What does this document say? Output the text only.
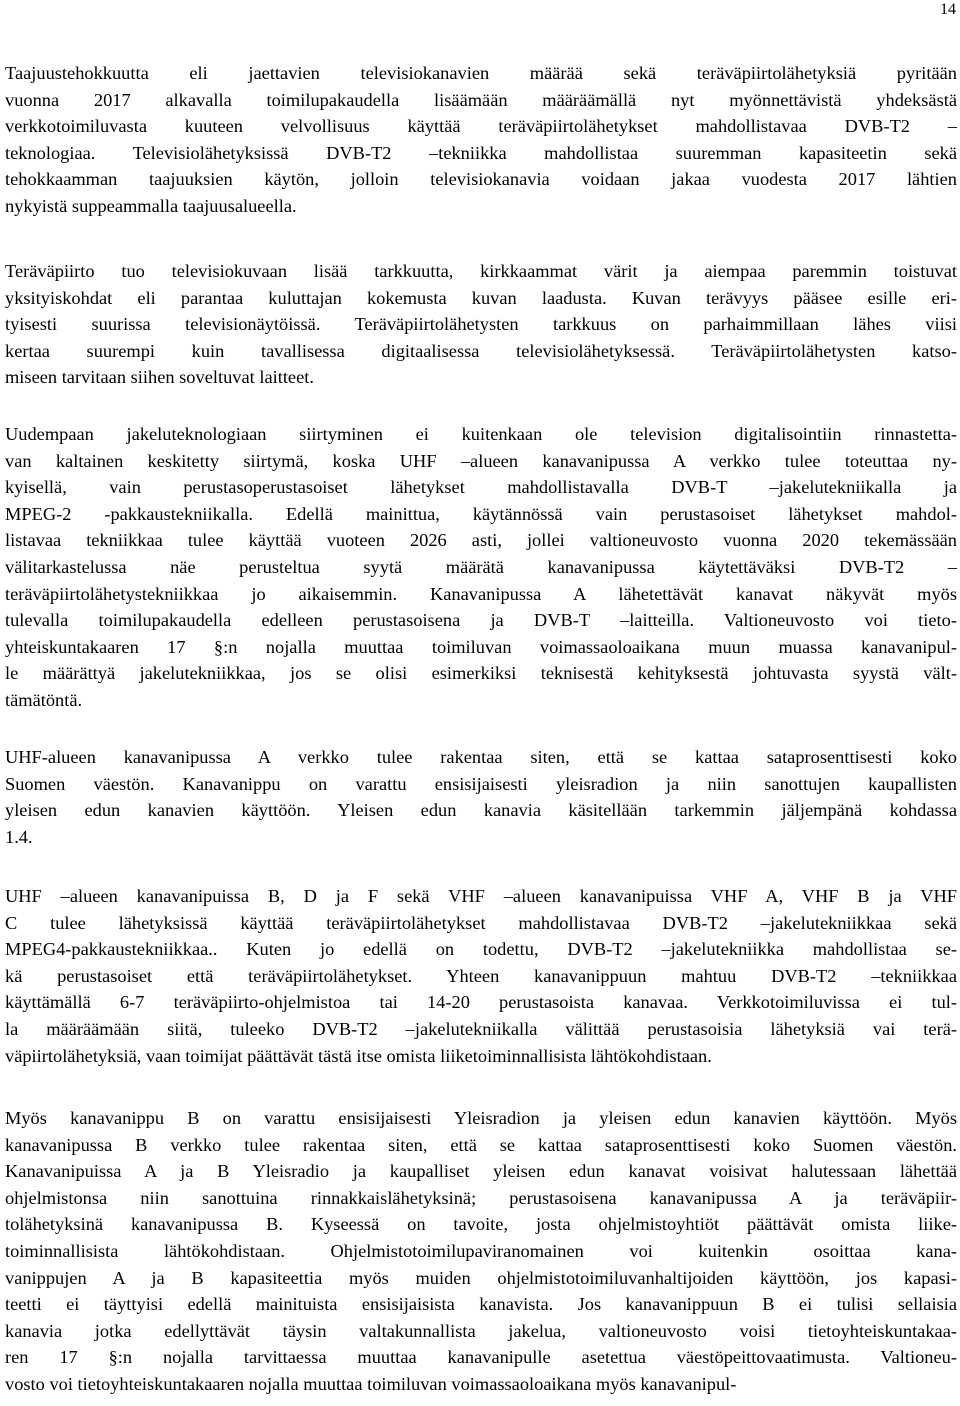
14
Taajuustehokkuutta eli jaettavien televisiokanavien määrää sekä teräväpiirtolähetyksiä pyritään
vuonna 2017 alkavalla toimilupakaudella lisäämään määräämällä nyt myönnettävistä yhdeksästä
verkkotoimiluvasta kuuteen velvollisuus käyttää teräväpiirtolähetykset mahdollistavaa DVB-T2 –
teknologiaa. Televisiolähetyksissä DVB-T2 –tekniikka mahdollistaa suuremman kapasiteetin sekä
tehokkaamman taajuuksien käytön, jolloin televisiokanavia voidaan jakaa vuodesta 2017 lähtien
nykyistä suppeammalla taajuusalueella.
Teräväpiirto tuo televisiokuvaan lisää tarkkuutta, kirkkaammat värit ja aiempaa paremmin toistuvat
yksityiskohdat eli parantaa kuluttajan kokemusta kuvan laadusta. Kuvan terävyys pääsee esille eri-
tyisesti suurissa televisionäytöissä. Teräväpiirtolähetysten tarkkuus on parhaimmillaan lähes viisi
kertaa suurempi kuin tavallisessa digitaalisessa televisiolähetyksessä. Teräväpiirtolähetysten katso-
miseen tarvitaan siihen soveltuvat laitteet.
Uudempaan jakeluteknologiaan siirtyminen ei kuitenkaan ole television digitalisointiin rinnastetta-
van kaltainen keskitetty siirtymä, koska UHF –alueen kanavanipussa A verkko tulee toteuttaa ny-
kyisellä, vain perustasoperustasoiset lähetykset mahdollistavalla DVB-T –jakelutekniikalla ja
MPEG-2 -pakkaustekniikalla. Edellä mainittua, käytännössä vain perustasoiset lähetykset mahdol-
listavaa tekniikkaa tulee käyttää vuoteen 2026 asti, jollei valtioneuvosto vuonna 2020 tekemässään
välitarkastelussa näe perusteltua syytä määrätä kanavanipussa käytettäväksi DVB-T2 –
teräväpiirtolähetystekniikkaa jo aikaisemmin. Kanavanipussa A lähetettävät kanavat näkyvät myös
tulevalla toimilupakaudella edelleen perustasoisena ja DVB-T –laitteilla. Valtioneuvosto voi tieto-
yhteiskuntakaaren 17 §:n nojalla muuttaa toimiluvan voimassaoloaikana muun muassa kanavanipul-
le määrättyä jakelutekniikkaa, jos se olisi esimerkiksi teknisestä kehityksestä johtuvasta syystä vält-
tämätöntä.
UHF-alueen kanavanipussa A verkko tulee rakentaa siten, että se kattaa sataprosenttisesti koko
Suomen väestön. Kanavanippu on varattu ensisijaisesti yleisradion ja niin sanottujen kaupallisten
yleisen edun kanavien käyttöön. Yleisen edun kanavia käsitellään tarkemmin jäljempänä kohdassa
1.4.
UHF –alueen kanavanipuissa B, D ja F sekä VHF –alueen kanavanipuissa VHF A, VHF B ja VHF
C tulee lähetyksissä käyttää teräväpiirtolähetykset mahdollistavaa DVB-T2 –jakelutekniikkaa sekä
MPEG4-pakkaustekniikkaa.. Kuten jo edellä on todettu, DVB-T2 –jakelutekniikka mahdollistaa se-
kä perustasoiset että teräväpiirtolähetykset. Yhteen kanavanippuun mahtuu DVB-T2 –tekniikkaa
käyttämällä 6-7 teräväpiirto-ohjelmistoa tai 14-20 perustasoista kanavaa. Verkkotoimiluvissa ei tul-
la määräämään siitä, tuleeko DVB-T2 –jakelutekniikalla välittää perustasoisia lähetyksiä vai terä-
väpiirtolähetyksiä, vaan toimijat päättävät tästä itse omista liiketoiminnallisista lähtökohdistaan.
Myös kanavanippu B on varattu ensisijaisesti Yleisradion ja yleisen edun kanavien käyttöön. Myös
kanavanipussa B verkko tulee rakentaa siten, että se kattaa sataprosenttisesti koko Suomen väestön.
Kanavanipuissa A ja B Yleisradio ja kaupalliset yleisen edun kanavat voisivat halutessaan lähettää
ohjelmistonsa niin sanottuina rinnakkaislähetyksinä; perustasoisena kanavanipussa A ja teräväpiir-
tolähetyksinä kanavanipussa B. Kyseessä on tavoite, josta ohjelmistoyhtiöt päättävät omista liike-
toiminnallisista lähtökohdistaan. Ohjelmistotoimilupaviranomainen voi kuitenkin osoittaa kana-
vanippujen A ja B kapasiteettia myös muiden ohjelmistotoimiluvanhaltijoiden käyttöön, jos kapasi-
teetti ei täyttyisi edellä mainituista ensisijaisista kanavista. Jos kanavanippuun B ei tulisi sellaisia
kanavia jotka edellyttävät täysin valtakunnallista jakelua, valtioneuvosto voisi tietoyhteiskuntakaa-
ren 17 §:n nojalla tarvittaessa muuttaa kanavanipulle asetettua väestöpeittovaatimusta. Valtioneu-
vosto voi tietoyhteiskuntakaaren nojalla muuttaa toimiluvan voimassaoloaikana myös kanavanipul-
